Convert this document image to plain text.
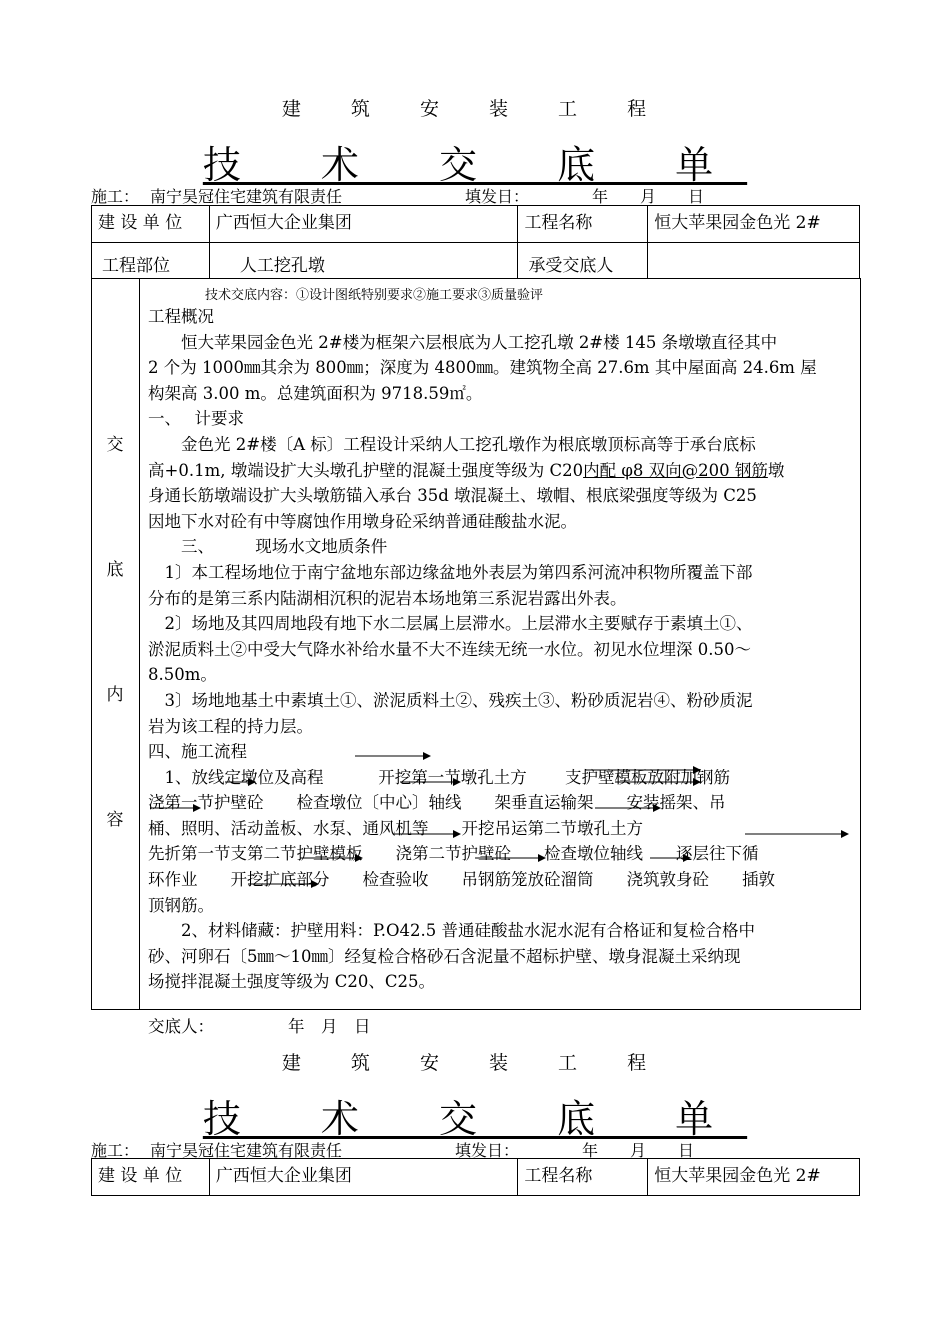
建 筑 安 装 工 程
技 术 交 底 单
施工： 南宁昊冠住宅建筑有限责任	填发日：	年　　月　　日
建 设 单 位	广西恒大企业集团	工程名称	恒大苹果园金色光 2#
工程部位	人工挖孔墩	承受交底人	
交
底
内
容
技术交底内容：①设计图纸特别要求②施工要求③质量验评

工程概况

　　恒大苹果园金色光 2#楼为框架六层根底为人工挖孔墩 2#楼 145 条墩墩直径其中

2 个为 1000㎜其余为 800㎜；深度为 4800㎜。建筑物全高 27.6m 其中屋面高 24.6m 屋

构架高 3.00 m。总建筑面积为 9718.59㎡。

一、　 计要求

　　金色光 2#楼〔A 标〕工程设计采纳人工挖孔墩作为根底墩顶标高等于承台底标

高+0.1m, 墩端设扩大头墩孔护壁的混凝土强度等级为 C20内配 φ8 双向@200 钢筋墩

身通长筋墩端设扩大头墩筋锚入承台 35d 墩混凝土、墩帽、根底梁强度等级为 C25

因地下水对砼有中等腐蚀作用墩身砼采纳普通硅酸盐水泥。

　　三、　　　现场水文地质条件

　1〕本工程场地位于南宁盆地东部边缘盆地外表层为第四系河流冲积物所覆盖下部

分布的是第三系内陆湖相沉积的泥岩本场地第三系泥岩露出外表。

　2〕场地及其四周地段有地下水二层属上层滞水。上层滞水主要赋存于素填土①、

淤泥质料土②中受大气降水补给水量不大不连续无统一水位。初见水位埋深 0.50～

8.50m。

　3〕场地地基土中素填土①、淤泥质料土②、残疾土③、粉砂质泥岩④、粉砂质泥

岩为该工程的持力层。

四、施工流程

　1、放线定墩位及高程　　　 开挖第一节墩孔土方　　 支护壁模板放附加钢筋

浇第一节护壁砼　　检查墩位〔中心〕轴线　　架垂直运输架　　安装摇架、吊

桶、照明、活动盖板、水泵、通风机等　　开挖吊运第二节墩孔土方

先折第一节支第二节护壁模板　　浇第二节护壁砼　　检查墩位轴线　　逐层往下循

环作业　　开挖扩底部分　　检查验收　　吊钢筋笼放砼溜筒　　浇筑敦身砼　　插敦

顶钢筋。

　　2、材料储藏：护壁用料：P.O42.5 普通硅酸盐水泥水泥有合格证和复检合格中

砂、河卵石〔5㎜～10㎜〕经复检合格砂石含泥量不超标护壁、墩身混凝土采纳现

场搅拌混凝土强度等级为 C20、C25。

交底人：	年　月　日
建 筑 安 装 工 程
技 术 交 底 单
施工： 南宁昊冠住宅建筑有限责任	填发日：	年　　月　　日
建 设 单 位	广西恒大企业集团	工程名称	恒大苹果园金色光 2#
